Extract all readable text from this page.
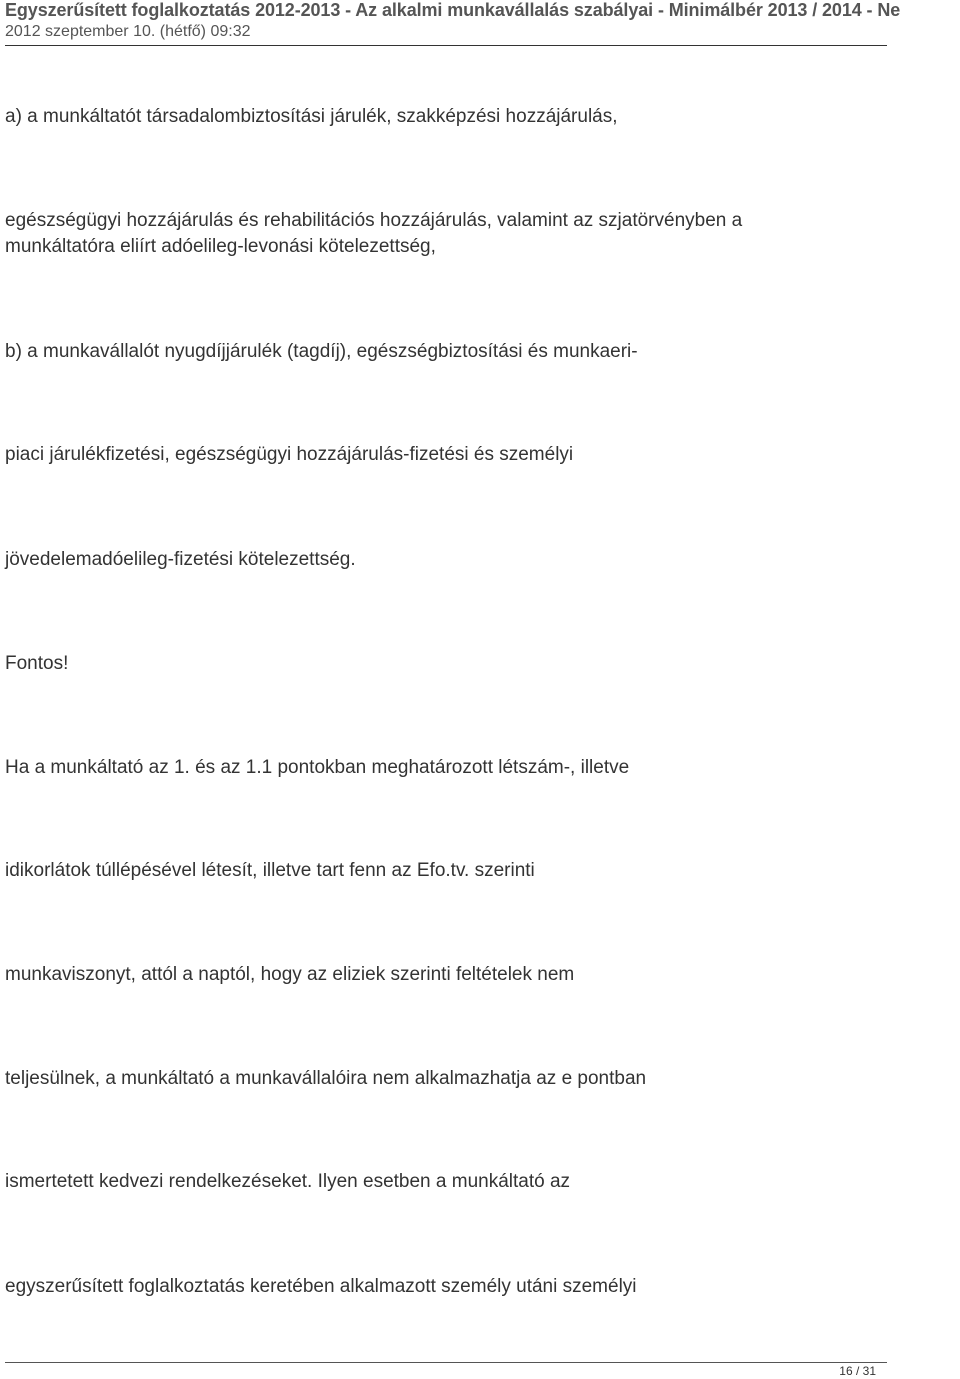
Egyszerűsített foglalkoztatás 2012-2013 - Az alkalmi munkavállalás szabályai - Minimálbér 2013 / 2014 - Ne
2012 szeptember 10. (hétfő) 09:32
a) a munkáltatót társadalombiztosítási járulék, szakképzési hozzájárulás,
egészségügyi hozzájárulás és rehabilitációs hozzájárulás, valamint az szjatörvényben a
munkáltatóra eliírt adóelileg-levonási kötelezettség,
b) a munkavállalót nyugdíjjárulék (tagdíj), egészségbiztosítási és munkaeri-
piaci járulékfizetési, egészségügyi hozzájárulás-fizetési és személyi
jövedelemadóelileg-fizetési kötelezettség.
Fontos!
Ha a munkáltató az 1. és az 1.1 pontokban meghatározott létszám-, illetve
idikorlátok túllépésével létesít, illetve tart fenn az Efo.tv. szerinti
munkaviszonyt, attól a naptól, hogy az eliziek szerinti feltételek nem
teljesülnek, a munkáltató a munkavállalóira nem alkalmazhatja az e pontban
ismertetett kedvezi rendelkezéseket. Ilyen esetben a munkáltató az
egyszerűsített foglalkoztatás keretében alkalmazott személy utáni személyi
16 / 31
